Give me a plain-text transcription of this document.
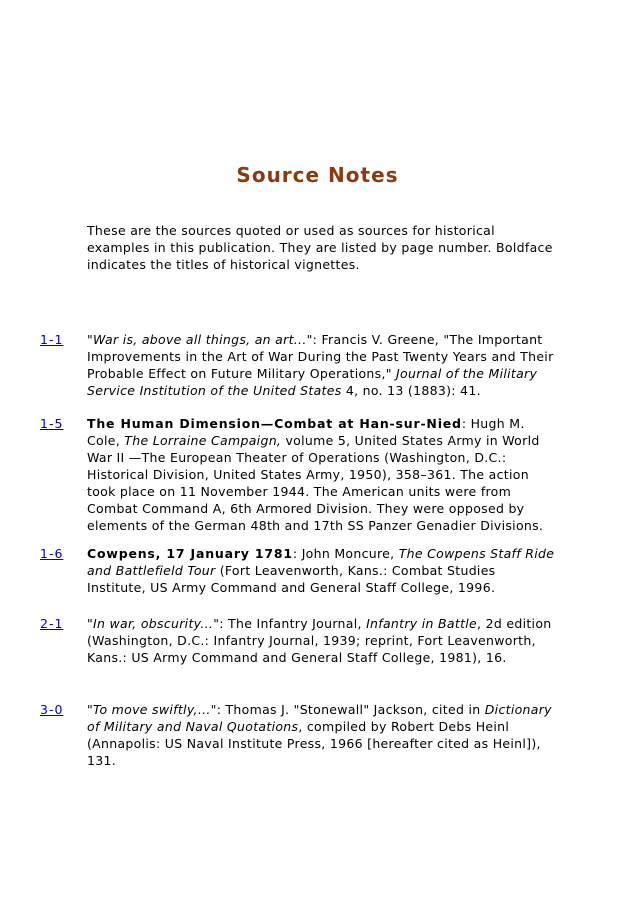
Source Notes

These are the sources quoted or used as sources for historical examples in this publication. They are listed by page number. Boldface indicates the titles of historical vignettes.

1-1 "War is, above all things, an art...": Francis V. Greene, "The Important Improvements in the Art of War During the Past Twenty Years and Their Probable Effect on Future Military Operations," Journal of the Military Service Institution of the United States 4, no. 13 (1883): 41.

1-5 The Human Dimension—Combat at Han-sur-Nied: Hugh M. Cole, The Lorraine Campaign, volume 5, United States Army in World War II —The European Theater of Operations (Washington, D.C.: Historical Division, United States Army, 1950), 358–361. The action took place on 11 November 1944. The American units were from Combat Command A, 6th Armored Division. They were opposed by elements of the German 48th and 17th SS Panzer Genadier Divisions.

1-6 Cowpens, 17 January 1781: John Moncure, The Cowpens Staff Ride and Battlefield Tour (Fort Leavenworth, Kans.: Combat Studies Institute, US Army Command and General Staff College, 1996.

2-1 "In war, obscurity...": The Infantry Journal, Infantry in Battle, 2d edition (Washington, D.C.: Infantry Journal, 1939; reprint, Fort Leavenworth, Kans.: US Army Command and General Staff College, 1981), 16.

3-0 "To move swiftly,...": Thomas J. "Stonewall" Jackson, cited in Dictionary of Military and Naval Quotations, compiled by Robert Debs Heinl (Annapolis: US Naval Institute Press, 1966 [hereafter cited as Heinl]), 131.
